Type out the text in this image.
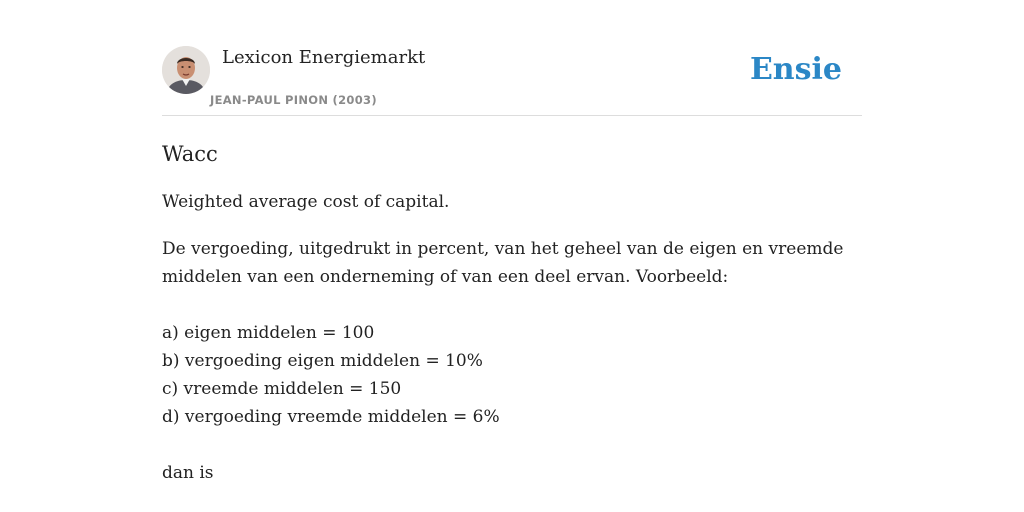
Lexicon Energiemarkt
JEAN-PAUL PINON (2003)
Ensie
Wacc

Weighted average cost of capital.

De vergoeding, uitgedrukt in percent, van het geheel van de eigen en vreemde
middelen van een onderneming of van een deel ervan. Voorbeeld:
a) eigen middelen = 100
b) vergoeding eigen middelen = 10%
c) vreemde middelen = 150
d) vergoeding vreemde middelen = 6%
dan is
